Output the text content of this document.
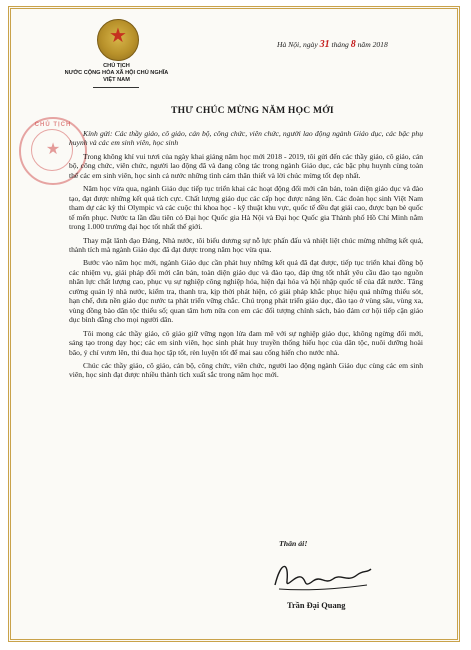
★
CHỦ TỊCH
NƯỚC CỘNG HÒA XÃ HỘI CHỦ NGHĨA
VIỆT NAM
Hà Nội, ngày 31 tháng 8 năm 2018
THƯ CHÚC MỪNG NĂM HỌC MỚI
CHỦ TỊCH
★

Kính gửi: Các thầy giáo, cô giáo, cán bộ, công chức, viên chức, người lao động ngành Giáo dục, các bậc phụ huynh và các em sinh viên, học sinh

Trong không khí vui tươi của ngày khai giảng năm học mới 2018 - 2019, tôi gửi đến các thầy giáo, cô giáo, cán bộ, công chức, viên chức, người lao động đã và đang công tác trong ngành Giáo dục, các bậc phụ huynh cùng toàn thể các em sinh viên, học sinh cả nước những tình cảm thân thiết và lời chúc mừng tốt đẹp nhất.

Năm học vừa qua, ngành Giáo dục tiếp tục triển khai các hoạt động đổi mới căn bản, toàn diện giáo dục và đào tạo, đạt được những kết quả tích cực. Chất lượng giáo dục các cấp học được nâng lên. Các đoàn học sinh Việt Nam tham dự các kỳ thi Olympic và các cuộc thi khoa học - kỹ thuật khu vực, quốc tế đều đạt giải cao, được bạn bè quốc tế mến phục. Nước ta lần đầu tiên có Đại học Quốc gia Hà Nội và Đại học Quốc gia Thành phố Hồ Chí Minh nằm trong 1.000 trường đại học tốt nhất thế giới.

Thay mặt lãnh đạo Đảng, Nhà nước, tôi biểu dương sự nỗ lực phấn đấu và nhiệt liệt chúc mừng những kết quả, thành tích mà ngành Giáo dục đã đạt được trong năm học vừa qua.

Bước vào năm học mới, ngành Giáo dục cần phát huy những kết quả đã đạt được, tiếp tục triển khai đồng bộ các nhiệm vụ, giải pháp đổi mới căn bản, toàn diện giáo dục và đào tạo, đáp ứng tốt nhất yêu cầu đào tạo nguồn nhân lực chất lượng cao, phục vụ sự nghiệp công nghiệp hóa, hiện đại hóa và hội nhập quốc tế của đất nước. Tăng cường quản lý nhà nước, kiểm tra, thanh tra, kịp thời phát hiện, có giải pháp khắc phục hiệu quả những thiếu sót, hạn chế, đưa nền giáo dục nước ta phát triển vững chắc. Chú trọng phát triển giáo dục, đào tạo ở vùng sâu, vùng xa, vùng đồng bào dân tộc thiểu số; quan tâm hơn nữa con em các đối tượng chính sách, bảo đảm cơ hội tiếp cận giáo dục bình đẳng cho mọi người dân.

Tôi mong các thầy giáo, cô giáo giữ vững ngọn lửa đam mê với sự nghiệp giáo dục, không ngừng đổi mới, sáng tạo trong dạy học; các em sinh viên, học sinh phát huy truyền thống hiếu học của dân tộc, nuôi dưỡng hoài bão, ý chí vươn lên, thi đua học tập tốt, rèn luyện tốt để mai sau cống hiến cho nước nhà.

Chúc các thầy giáo, cô giáo, cán bộ, công chức, viên chức, người lao động ngành Giáo dục cùng các em sinh viên, học sinh đạt được nhiều thành tích xuất sắc trong năm học mới.

Thân ái!
Trần Đại Quang
